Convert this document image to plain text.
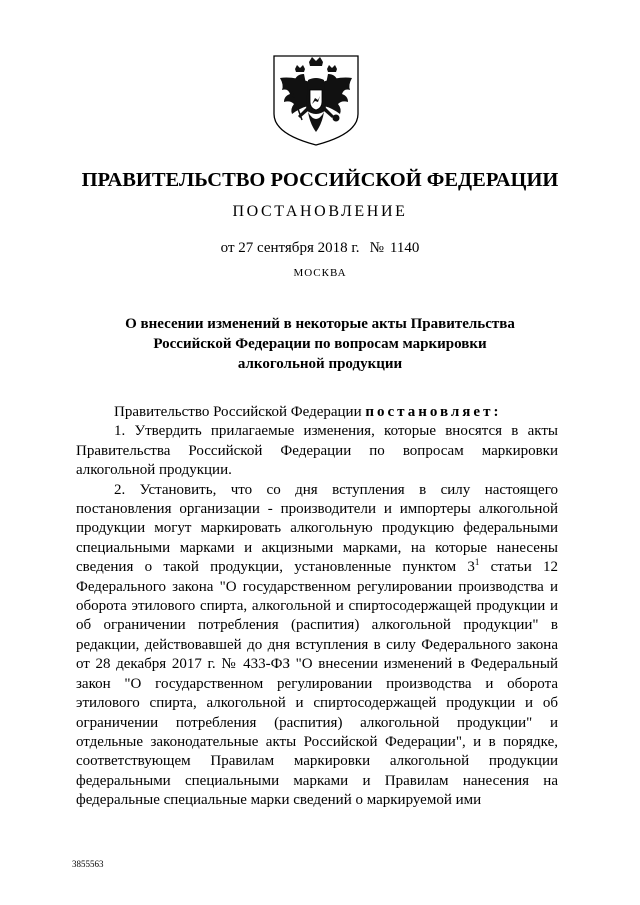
ПРАВИТЕЛЬСТВО РОССИЙСКОЙ ФЕДЕРАЦИИ
ПОСТАНОВЛЕНИЕ
от 27 сентября 2018 г. № 1140
МОСКВА
О внесении изменений в некоторые акты Правительства
Российской Федерации по вопросам маркировки
алкогольной продукции

Правительство Российской Федерации постановляет:

1. Утвердить прилагаемые изменения, которые вносятся в акты Правительства Российской Федерации по вопросам маркировки алкогольной продукции.

2. Установить, что со дня вступления в силу настоящего постановления организации - производители и импортеры алкогольной продукции могут маркировать алкогольную продукцию федеральными специальными марками и акцизными марками, на которые нанесены сведения о такой продукции, установленные пунктом $3^1$ статьи 12 Федерального закона "О государственном регулировании производства и оборота этилового спирта, алкогольной и спиртосодержащей продукции и об ограничении потребления (распития) алкогольной продукции" в редакции, действовавшей до дня вступления в силу Федерального закона от 28 декабря 2017 г. № 433-ФЗ "О внесении изменений в Федеральный закон "О государственном регулировании производства и оборота этилового спирта, алкогольной и спиртосодержащей продукции и об ограничении потребления (распития) алкогольной продукции" и отдельные законодательные акты Российской Федерации", и в порядке, соответствующем Правилам маркировки алкогольной продукции федеральными специальными марками и Правилам нанесения на федеральные специальные марки сведений о маркируемой ими

3855563
